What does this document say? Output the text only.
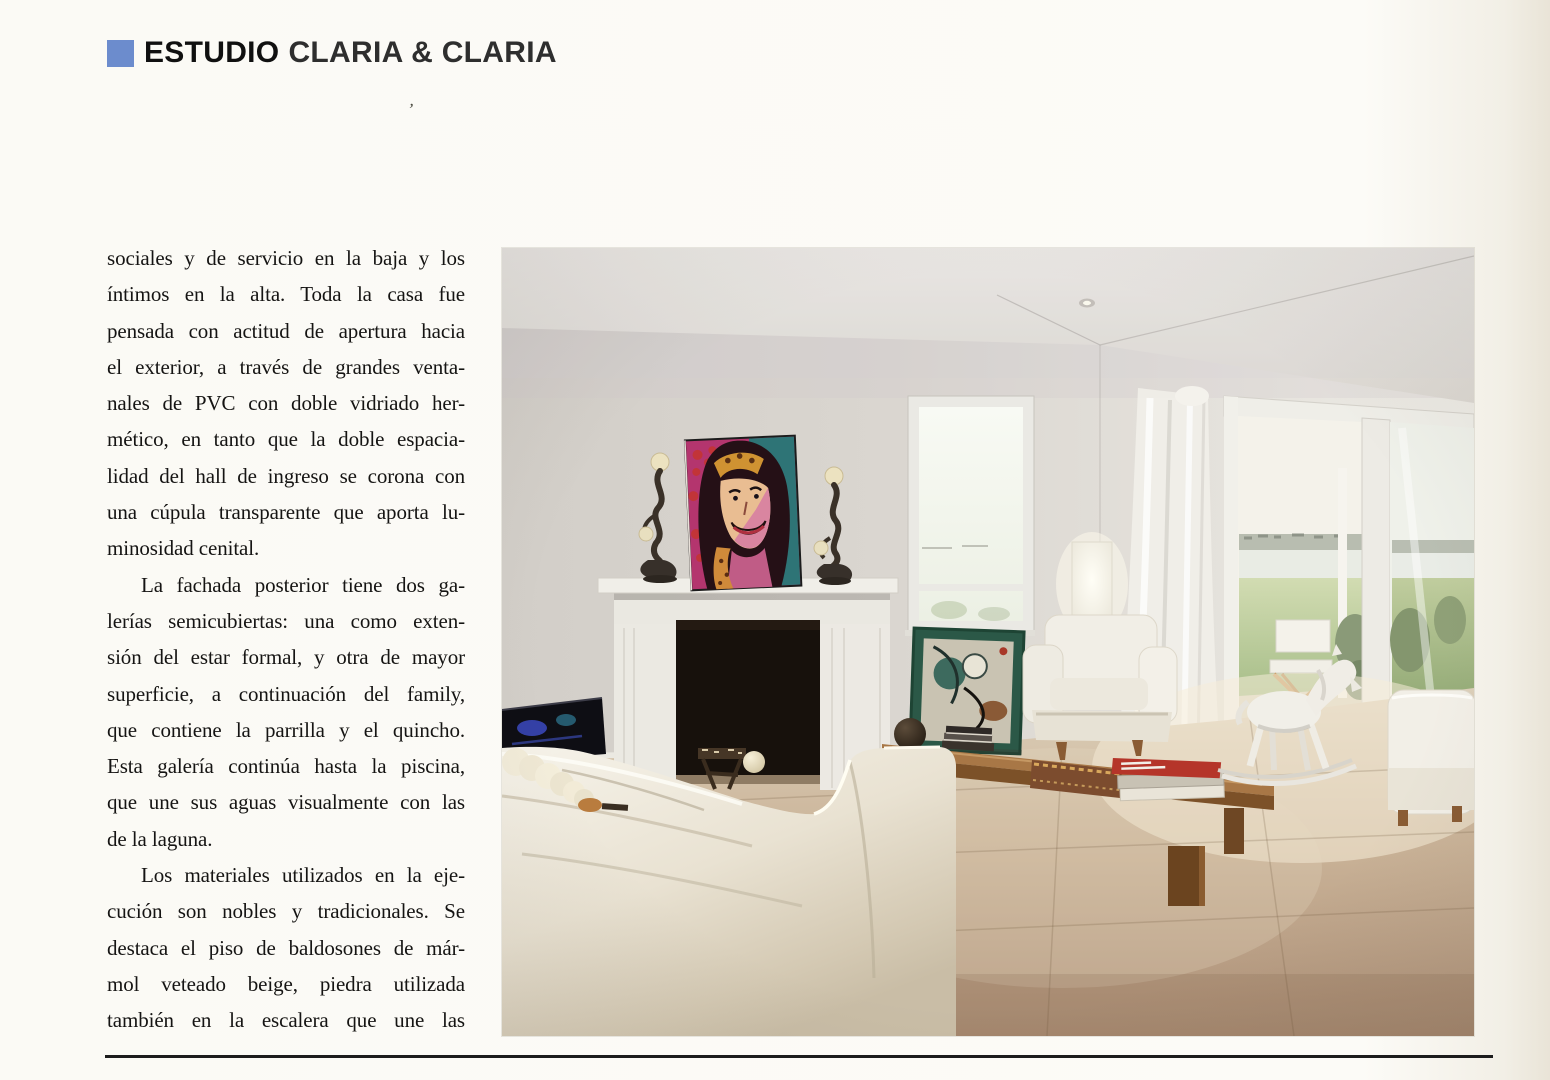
ESTUDIO CLARIA & CLARIA
’
sociales y de servicio en la baja y los
íntimos en la alta. Toda la casa fue
pensada con actitud de apertura hacia
el exterior, a través de grandes venta-
nales de PVC con doble vidriado her-
mético, en tanto que la doble espacia-
lidad del hall de ingreso se corona con
una cúpula transparente que aporta lu-
minosidad cenital.
La fachada posterior tiene dos ga-
lerías semicubiertas: una como exten-
sión del estar formal, y otra de mayor
superficie, a continuación del family,
que contiene la parrilla y el quincho.
Esta galería continúa hasta la piscina,
que une sus aguas visualmente con las
de la laguna.
Los materiales utilizados en la eje-
cución son nobles y tradicionales. Se
destaca el piso de baldosones de már-
mol veteado beige, piedra utilizada
también en la escalera que une las
